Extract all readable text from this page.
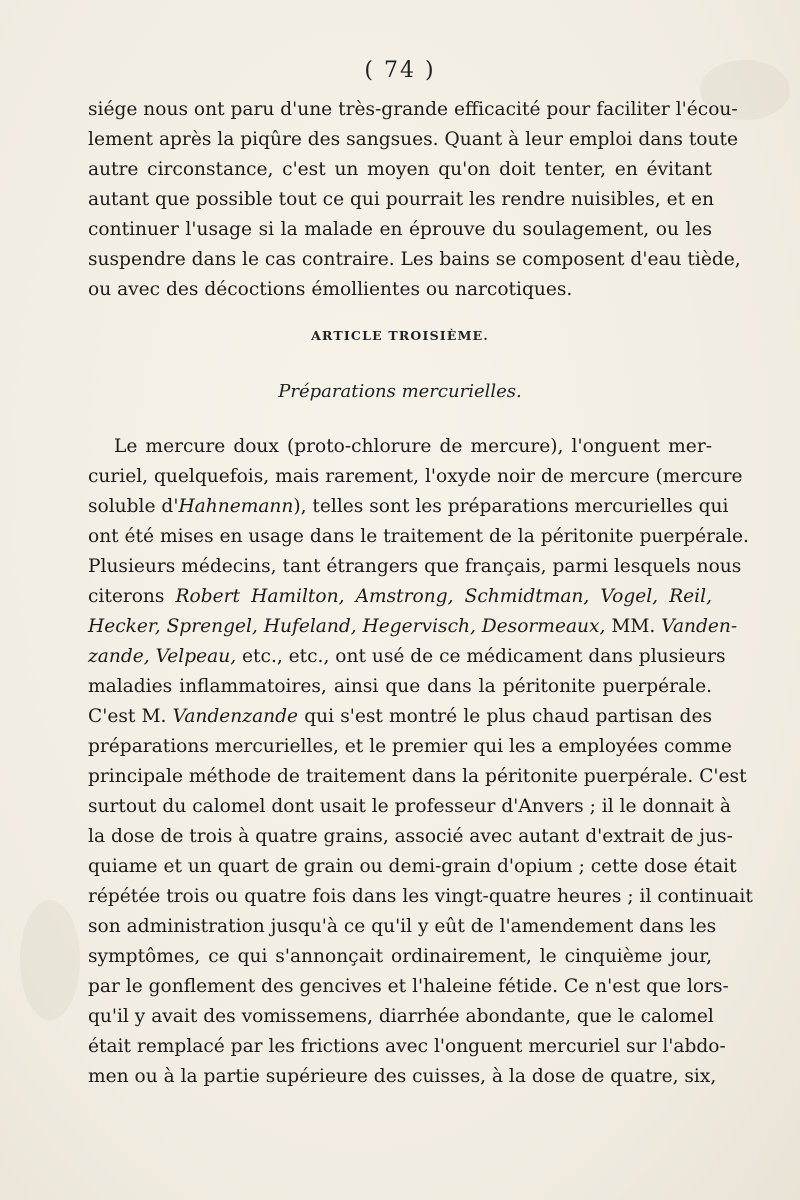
( 74 )
siége nous ont paru d'une très-grande efficacité pour faciliter l'écou-
lement après la piqûre des sangsues. Quant à leur emploi dans toute
autre circonstance, c'est un moyen qu'on doit tenter, en évitant
autant que possible tout ce qui pourrait les rendre nuisibles, et en
continuer l'usage si la malade en éprouve du soulagement, ou les
suspendre dans le cas contraire. Les bains se composent d'eau tiède,
ou avec des décoctions émollientes ou narcotiques.
ARTICLE TROISIÈME.
Préparations mercurielles.
Le mercure doux (proto-chlorure de mercure), l'onguent mer-
curiel, quelquefois, mais rarement, l'oxyde noir de mercure (mercure
soluble d'Hahnemann), telles sont les préparations mercurielles qui
ont été mises en usage dans le traitement de la péritonite puerpérale.
Plusieurs médecins, tant étrangers que français, parmi lesquels nous
citerons Robert Hamilton, Amstrong, Schmidtman, Vogel, Reil,
Hecker, Sprengel, Hufeland, Hegervisch, Desormeaux, MM. Vanden-
zande, Velpeau, etc., etc., ont usé de ce médicament dans plusieurs
maladies inflammatoires, ainsi que dans la péritonite puerpérale.
C'est M. Vandenzande qui s'est montré le plus chaud partisan des
préparations mercurielles, et le premier qui les a employées comme
principale méthode de traitement dans la péritonite puerpérale. C'est
surtout du calomel dont usait le professeur d'Anvers ; il le donnait à
la dose de trois à quatre grains, associé avec autant d'extrait de jus-
quiame et un quart de grain ou demi-grain d'opium ; cette dose était
répétée trois ou quatre fois dans les vingt-quatre heures ; il continuait
son administration jusqu'à ce qu'il y eût de l'amendement dans les
symptômes, ce qui s'annonçait ordinairement, le cinquième jour,
par le gonflement des gencives et l'haleine fétide. Ce n'est que lors-
qu'il y avait des vomissemens, diarrhée abondante, que le calomel
était remplacé par les frictions avec l'onguent mercuriel sur l'abdo-
men ou à la partie supérieure des cuisses, à la dose de quatre, six,
